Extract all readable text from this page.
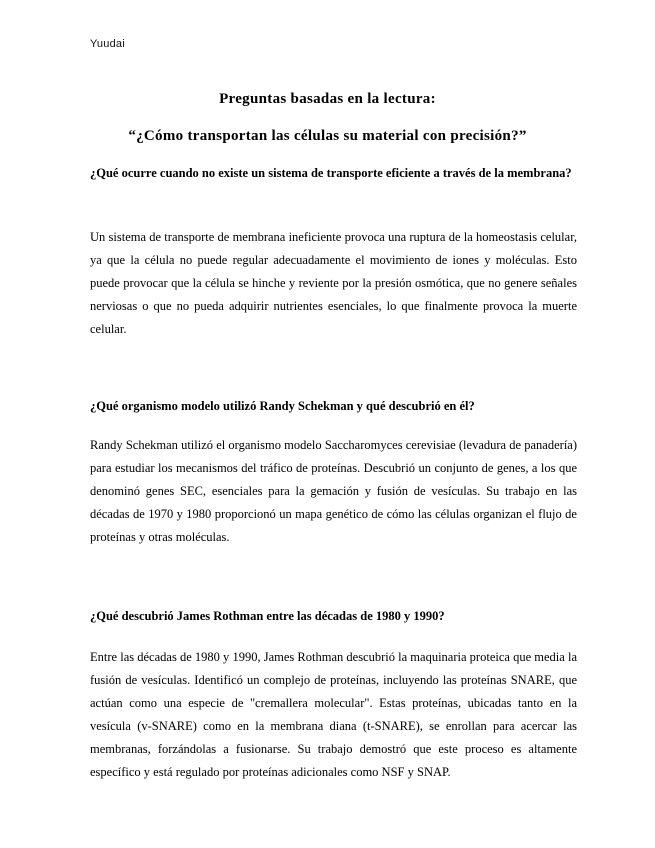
Yuudai
Preguntas basadas en la lectura:
“¿Cómo transportan las células su material con precisión?”
¿Qué ocurre cuando no existe un sistema de transporte eficiente a través de la membrana?
Un sistema de transporte de membrana ineficiente provoca una ruptura de la homeostasis celular, ya que la célula no puede regular adecuadamente el movimiento de iones y moléculas. Esto puede provocar que la célula se hinche y reviente por la presión osmótica, que no genere señales nerviosas o que no pueda adquirir nutrientes esenciales, lo que finalmente provoca la muerte celular.
¿Qué organismo modelo utilizó Randy Schekman y qué descubrió en él?
Randy Schekman utilizó el organismo modelo Saccharomyces cerevisiae (levadura de panadería) para estudiar los mecanismos del tráfico de proteínas. Descubrió un conjunto de genes, a los que denominó genes SEC, esenciales para la gemación y fusión de vesículas. Su trabajo en las décadas de 1970 y 1980 proporcionó un mapa genético de cómo las células organizan el flujo de proteínas y otras moléculas.
¿Qué descubrió James Rothman entre las décadas de 1980 y 1990?
Entre las décadas de 1980 y 1990, James Rothman descubrió la maquinaria proteica que media la fusión de vesículas. Identificó un complejo de proteínas, incluyendo las proteínas SNARE, que actúan como una especie de "cremallera molecular". Estas proteínas, ubicadas tanto en la vesícula (v-SNARE) como en la membrana diana (t-SNARE), se enrollan para acercar las membranas, forzándolas a fusionarse. Su trabajo demostró que este proceso es altamente específico y está regulado por proteínas adicionales como NSF y SNAP.
